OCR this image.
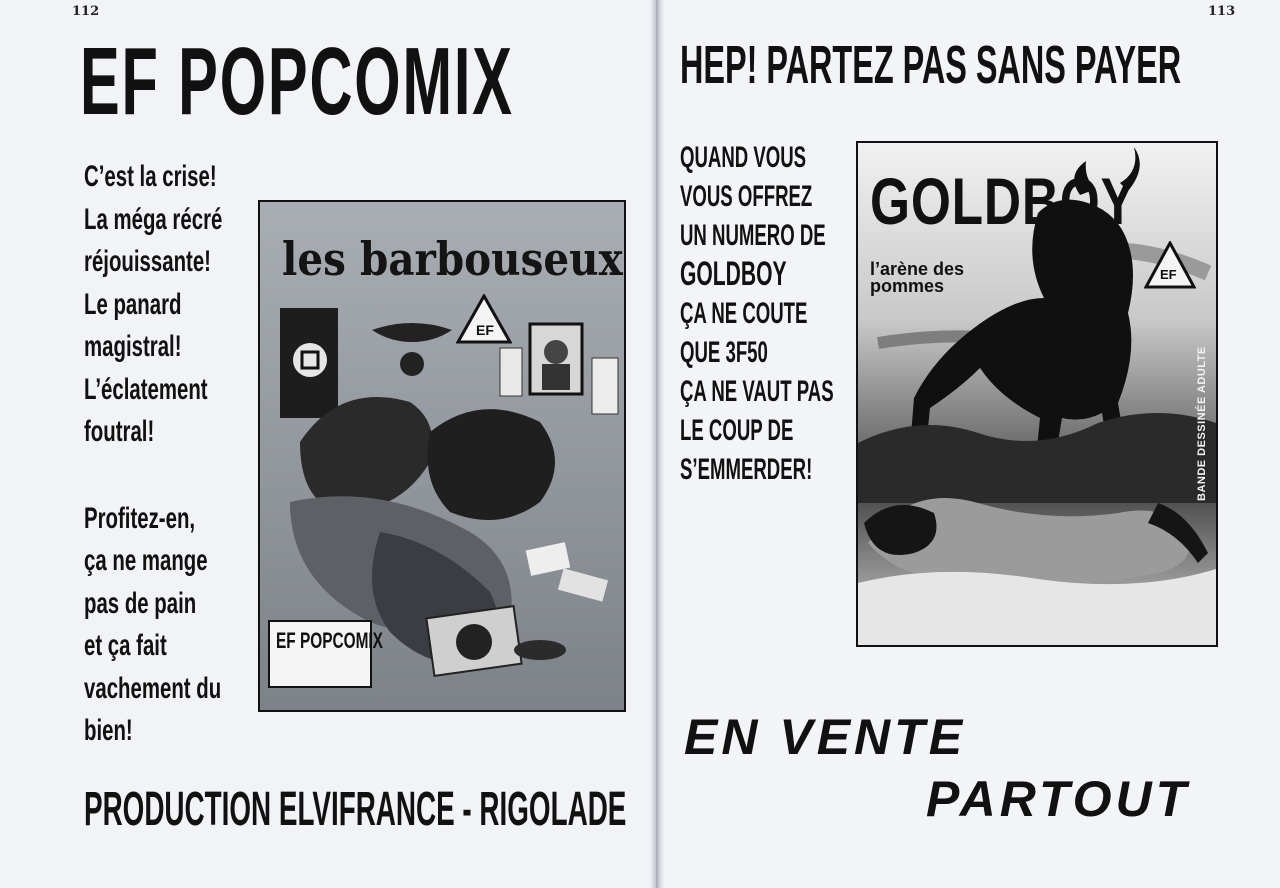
112
EF POPCOMIX
C’est la crise!
La méga récré
réjouissante!
Le panard
magistral!
L’éclatement
foutral!
Profitez-en,
ça ne mange
pas de pain
et ça fait
vachement du
bien!
les barbouseux
EF
EF POPCOMIX
PRODUCTION ELVIFRANCE - RIGOLADE
113
HEP! PARTEZ PAS SANS PAYER
QUAND VOUS
VOUS OFFREZ
UN NUMERO DE
GOLDBOY
ÇA NE COUTE
QUE 3F50
ÇA NE VAUT PAS
LE COUP DE
S’EMMERDER!
GOLDBOY
l’arène des
pommes
EF
BANDE DESSINÉE ADULTE
EN VENTE
PARTOUT
